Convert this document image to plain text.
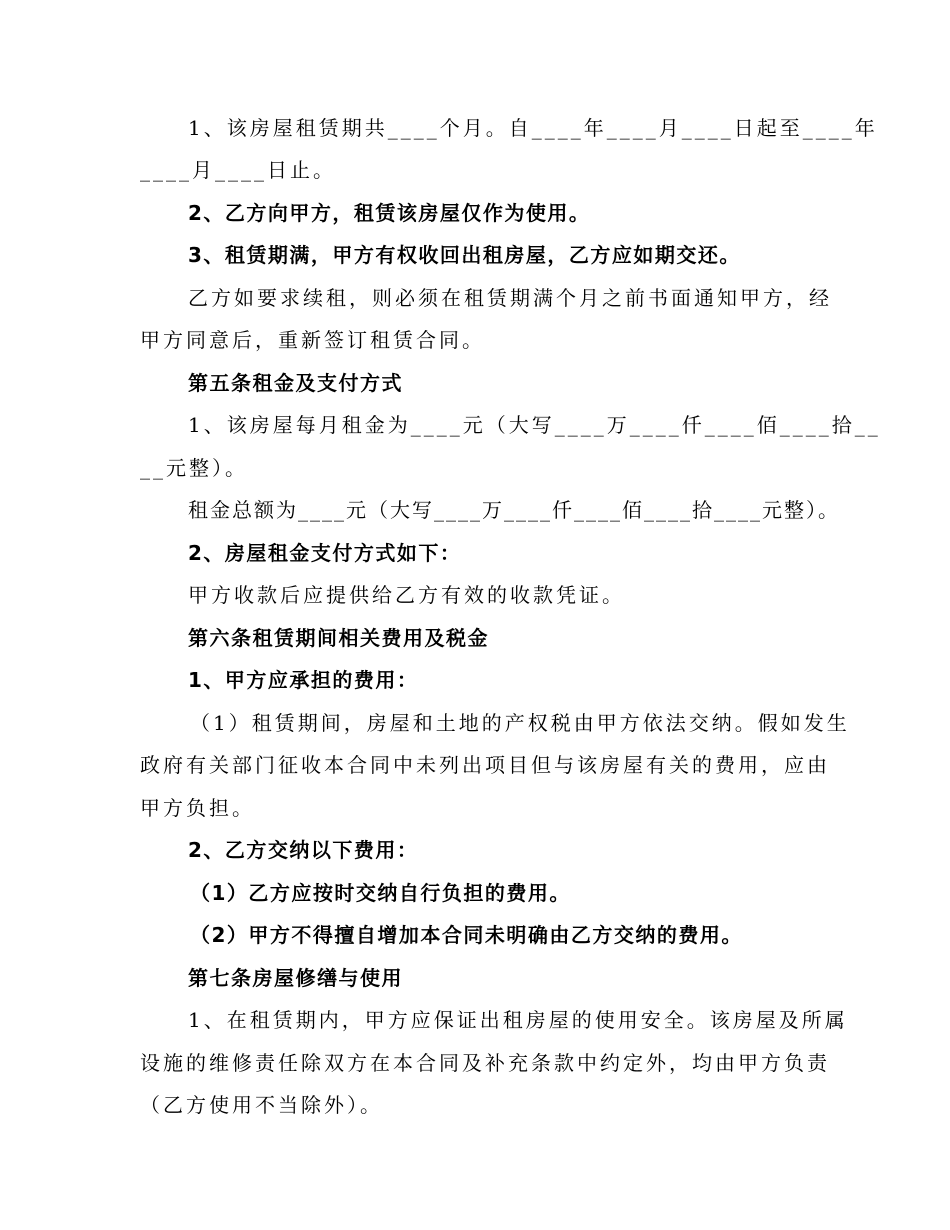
1、该房屋租赁期共____个月。自____年____月____日起至____年
____月____日止。
2、乙方向甲方，租赁该房屋仅作为使用。
3、租赁期满，甲方有权收回出租房屋，乙方应如期交还。
乙方如要求续租，则必须在租赁期满个月之前书面通知甲方，经
甲方同意后，重新签订租赁合同。
第五条租金及支付方式
1、该房屋每月租金为____元（大写____万____仟____佰____拾__
__元整）。
租金总额为____元（大写____万____仟____佰____拾____元整）。
2、房屋租金支付方式如下：
甲方收款后应提供给乙方有效的收款凭证。
第六条租赁期间相关费用及税金
1、甲方应承担的费用：
（1）租赁期间，房屋和土地的产权税由甲方依法交纳。假如发生
政府有关部门征收本合同中未列出项目但与该房屋有关的费用，应由
甲方负担。
2、乙方交纳以下费用：
（1）乙方应按时交纳自行负担的费用。
（2）甲方不得擅自增加本合同未明确由乙方交纳的费用。
第七条房屋修缮与使用
1、在租赁期内，甲方应保证出租房屋的使用安全。该房屋及所属
设施的维修责任除双方在本合同及补充条款中约定外，均由甲方负责
（乙方使用不当除外）。
